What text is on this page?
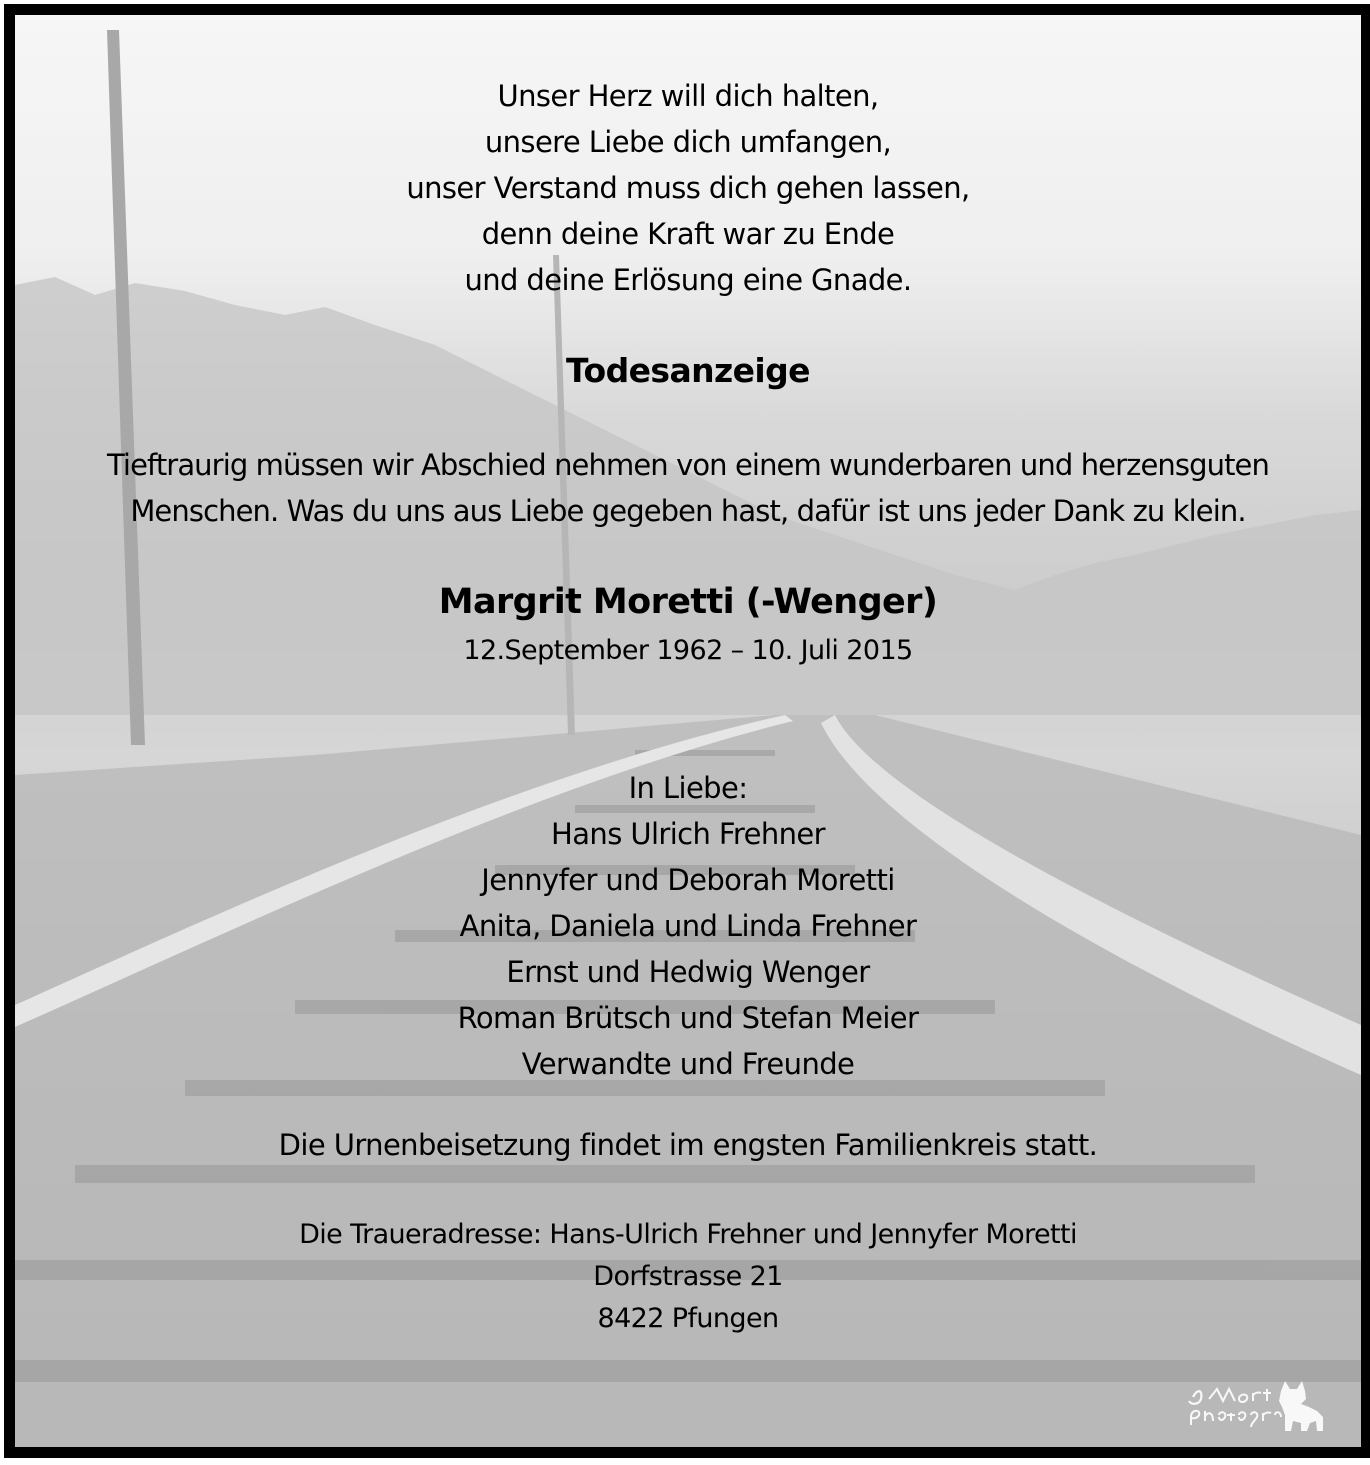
Unser Herz will dich halten,
unsere Liebe dich umfangen,
unser Verstand muss dich gehen lassen,
denn deine Kraft war zu Ende
und deine Erlösung eine Gnade.
Todesanzeige
Tieftraurig müssen wir Abschied nehmen von einem wunderbaren und herzensguten
Menschen. Was du uns aus Liebe gegeben hast, dafür ist uns jeder Dank zu klein.
Margrit Moretti (-Wenger)
12.September 1962 – 10. Juli 2015
In Liebe:
Hans Ulrich Frehner
Jennyfer und Deborah Moretti
Anita, Daniela und Linda Frehner
Ernst und Hedwig Wenger
Roman Brütsch und Stefan Meier
Verwandte und Freunde
Die Urnenbeisetzung findet im engsten Familienkreis statt.
Die Traueradresse: Hans-Ulrich Frehner und Jennyfer Moretti
Dorfstrasse 21
8422 Pfungen
